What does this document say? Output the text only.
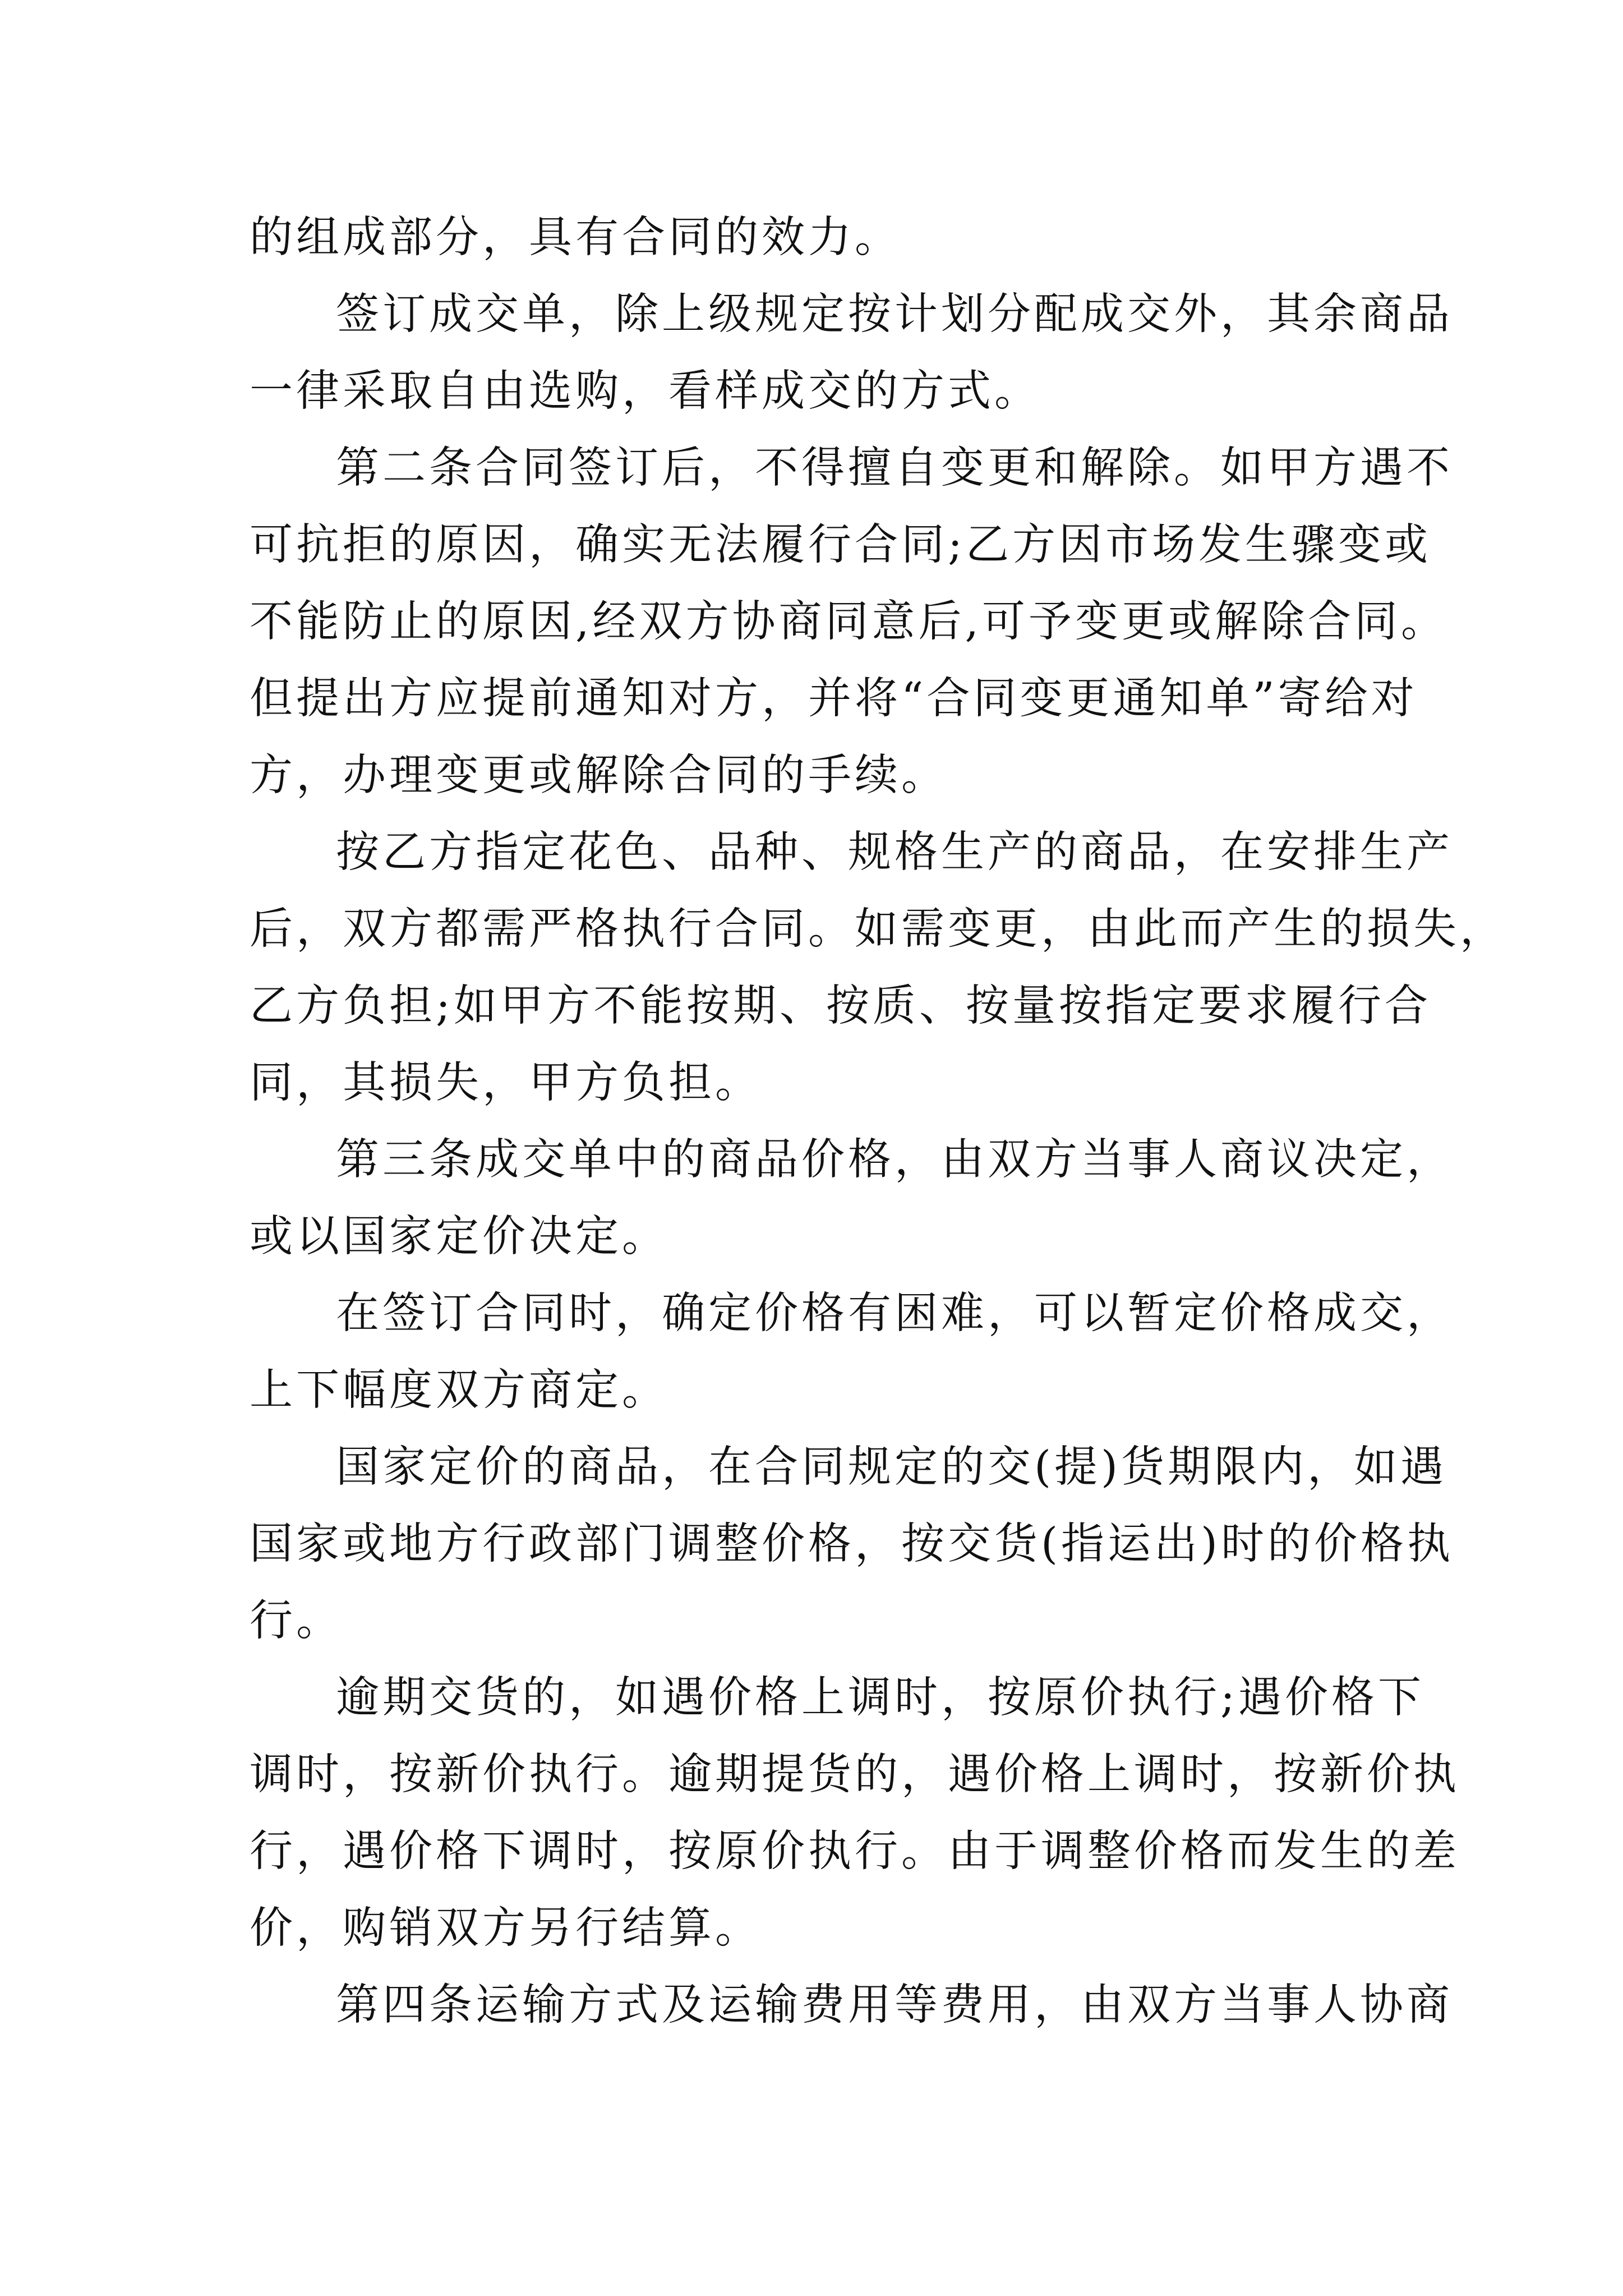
的组成部分，具有合同的效力。
签订成交单，除上级规定按计划分配成交外，其余商品
一律采取自由选购，看样成交的方式。
第二条合同签订后，不得擅自变更和解除。如甲方遇不
可抗拒的原因，确实无法履行合同;乙方因市场发生骤变或
不能防止的原因,经双方协商同意后,可予变更或解除合同。
但提出方应提前通知对方，并将“合同变更通知单”寄给对
方，办理变更或解除合同的手续。
按乙方指定花色、品种、规格生产的商品，在安排生产
后，双方都需严格执行合同。如需变更，由此而产生的损失，
乙方负担;如甲方不能按期、按质、按量按指定要求履行合
同，其损失，甲方负担。
第三条成交单中的商品价格，由双方当事人商议决定，
或以国家定价决定。
在签订合同时，确定价格有困难，可以暂定价格成交，
上下幅度双方商定。
国家定价的商品，在合同规定的交(提)货期限内，如遇
国家或地方行政部门调整价格，按交货(指运出)时的价格执
行。
逾期交货的，如遇价格上调时，按原价执行;遇价格下
调时，按新价执行。逾期提货的，遇价格上调时，按新价执
行，遇价格下调时，按原价执行。由于调整价格而发生的差
价，购销双方另行结算。
第四条运输方式及运输费用等费用，由双方当事人协商
